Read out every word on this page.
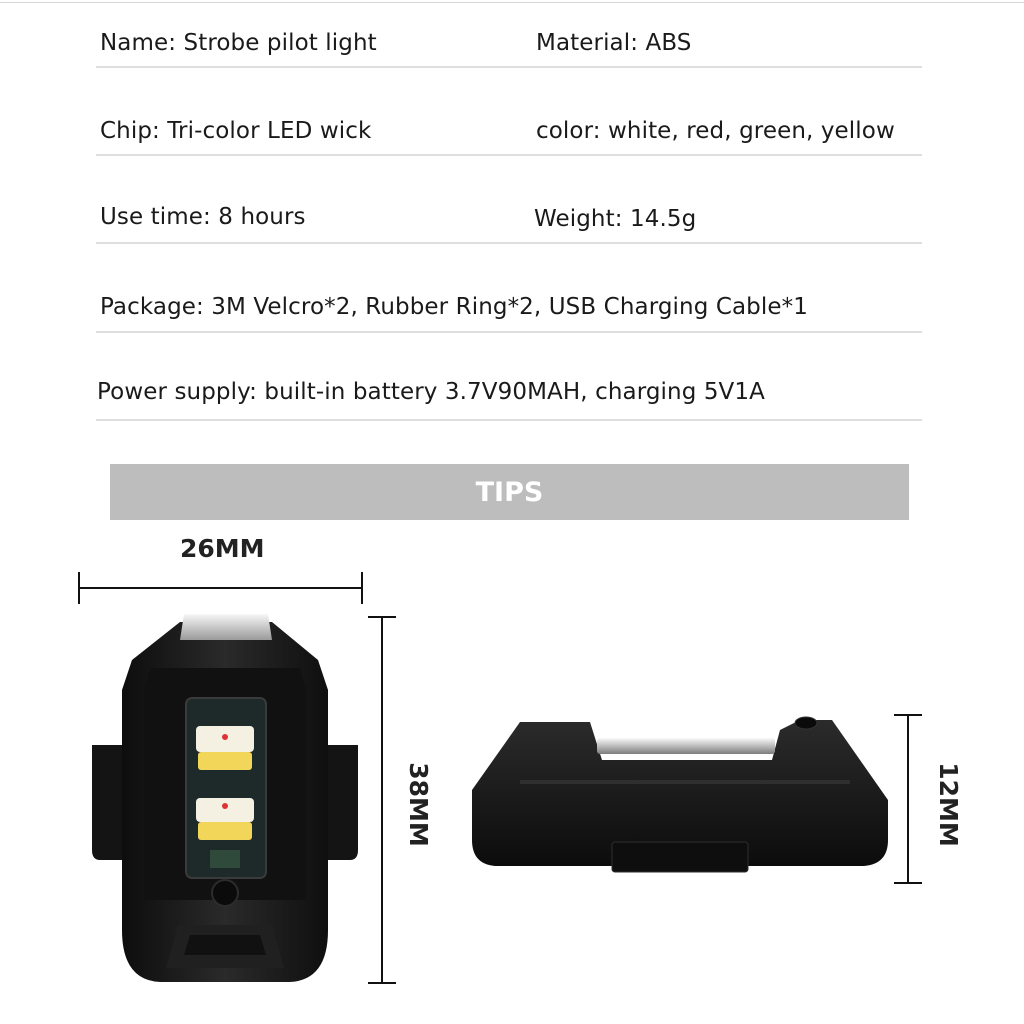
Name: Strobe pilot light	Material: ABS
Chip: Tri-color LED wick	color: white, red, green, yellow
Use time: 8 hours	Weight: 14.5g
Package: 3M Velcro*2, Rubber Ring*2, USB Charging Cable*1
Power supply: built-in battery 3.7V90MAH, charging 5V1A
TIPS
26MM
38MM	12MM
